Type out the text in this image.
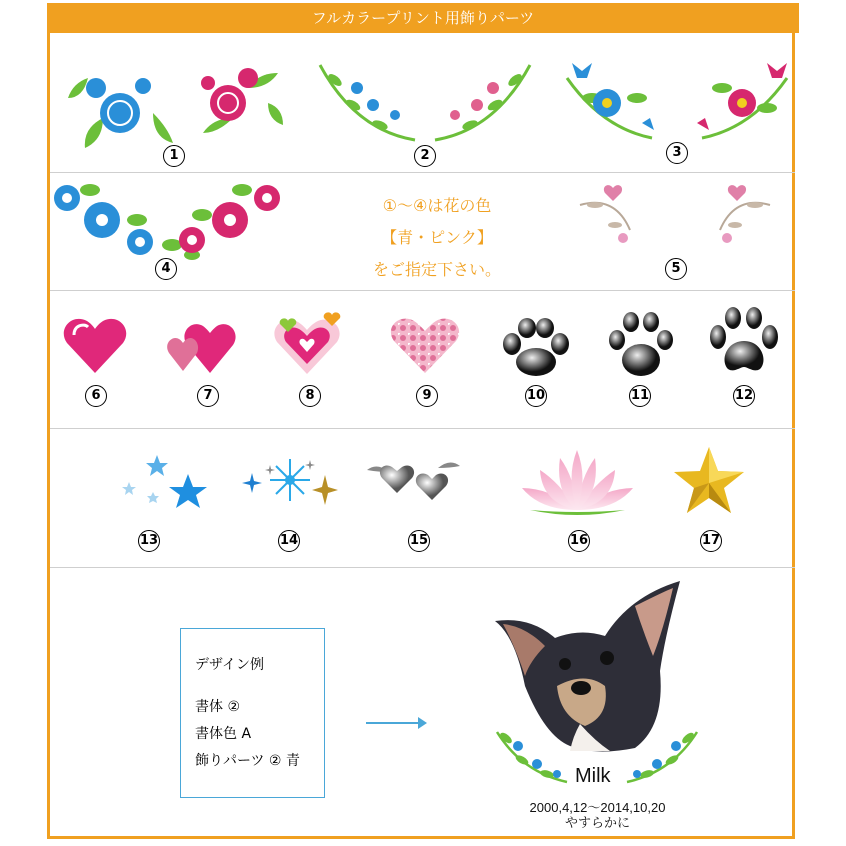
フルカラープリント用飾りパーツ
1	2	3
4
①～④は花の色
【青・ピンク】
をご指定下さい。	5
6	7	8	9	10	11	12
13	14	15	16	17
デザイン例
書体 ②
書体色 A
飾りパーツ ② 青
Milk
2000,4,12～2014,10,20
やすらかに
